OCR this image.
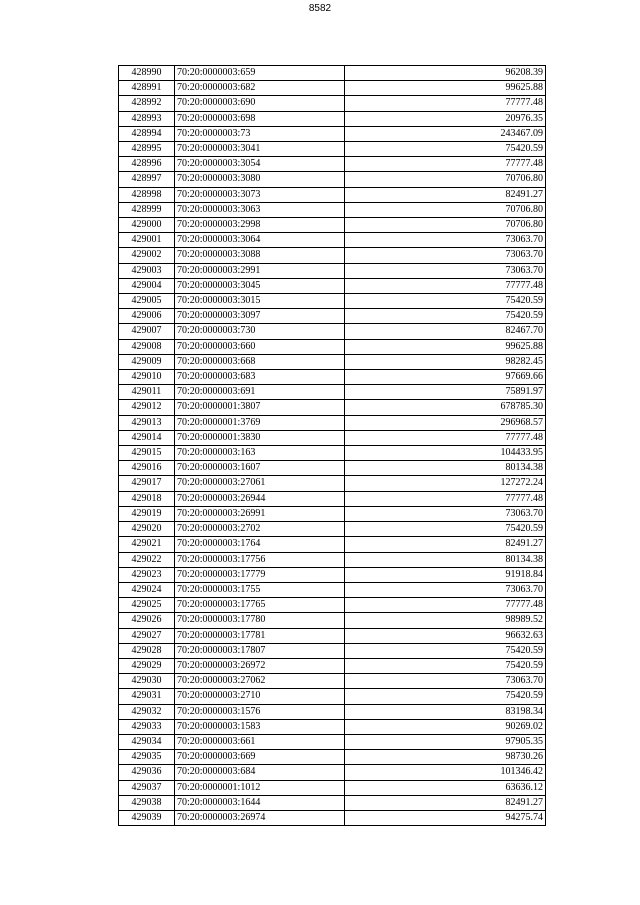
8582
428990	70:20:0000003:659	96208.39
428991	70:20:0000003:682	99625.88
428992	70:20:0000003:690	77777.48
428993	70:20:0000003:698	20976.35
428994	70:20:0000003:73	243467.09
428995	70:20:0000003:3041	75420.59
428996	70:20:0000003:3054	77777.48
428997	70:20:0000003:3080	70706.80
428998	70:20:0000003:3073	82491.27
428999	70:20:0000003:3063	70706.80
429000	70:20:0000003:2998	70706.80
429001	70:20:0000003:3064	73063.70
429002	70:20:0000003:3088	73063.70
429003	70:20:0000003:2991	73063.70
429004	70:20:0000003:3045	77777.48
429005	70:20:0000003:3015	75420.59
429006	70:20:0000003:3097	75420.59
429007	70:20:0000003:730	82467.70
429008	70:20:0000003:660	99625.88
429009	70:20:0000003:668	98282.45
429010	70:20:0000003:683	97669.66
429011	70:20:0000003:691	75891.97
429012	70:20:0000001:3807	678785.30
429013	70:20:0000001:3769	296968.57
429014	70:20:0000001:3830	77777.48
429015	70:20:0000003:163	104433.95
429016	70:20:0000003:1607	80134.38
429017	70:20:0000003:27061	127272.24
429018	70:20:0000003:26944	77777.48
429019	70:20:0000003:26991	73063.70
429020	70:20:0000003:2702	75420.59
429021	70:20:0000003:1764	82491.27
429022	70:20:0000003:17756	80134.38
429023	70:20:0000003:17779	91918.84
429024	70:20:0000003:1755	73063.70
429025	70:20:0000003:17765	77777.48
429026	70:20:0000003:17780	98989.52
429027	70:20:0000003:17781	96632.63
429028	70:20:0000003:17807	75420.59
429029	70:20:0000003:26972	75420.59
429030	70:20:0000003:27062	73063.70
429031	70:20:0000003:2710	75420.59
429032	70:20:0000003:1576	83198.34
429033	70:20:0000003:1583	90269.02
429034	70:20:0000003:661	97905.35
429035	70:20:0000003:669	98730.26
429036	70:20:0000003:684	101346.42
429037	70:20:0000001:1012	63636.12
429038	70:20:0000003:1644	82491.27
429039	70:20:0000003:26974	94275.74
